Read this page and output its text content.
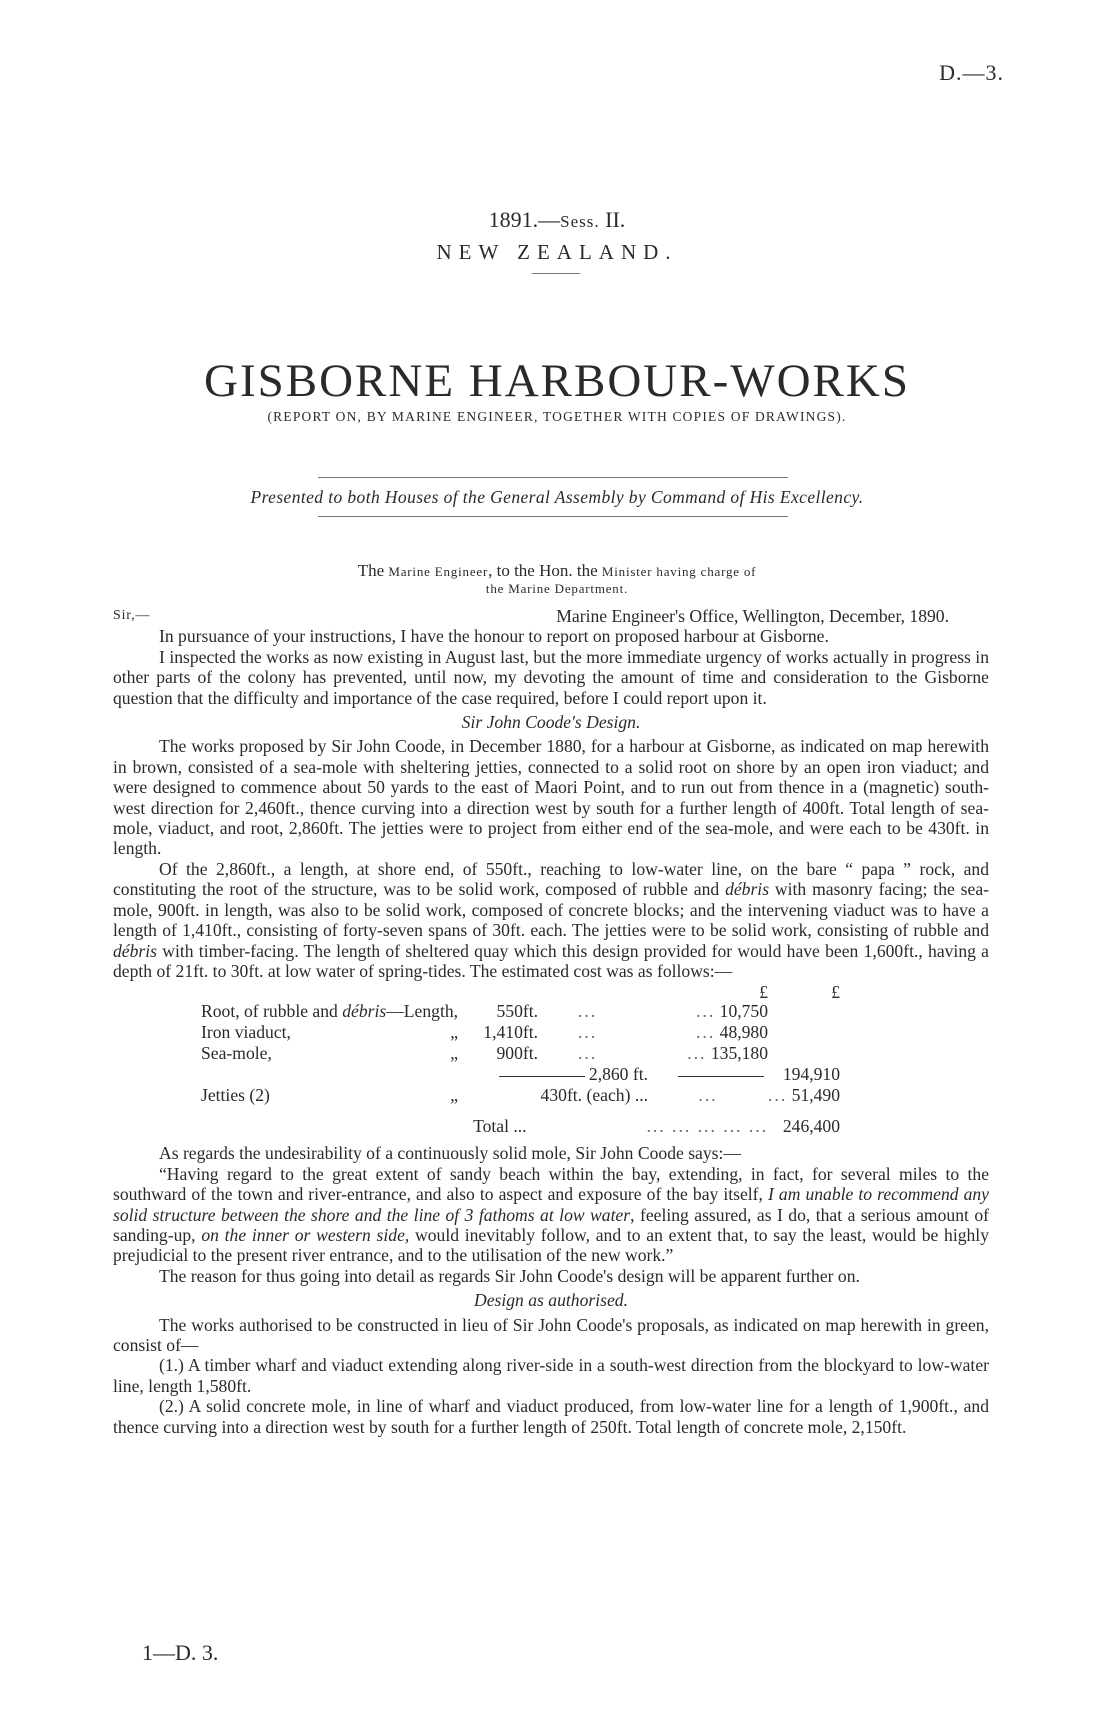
D.—3.
1891.—Sess. II.
NEW ZEALAND.
GISBORNE HARBOUR-WORKS
(REPORT ON, BY MARINE ENGINEER, TOGETHER WITH COPIES OF DRAWINGS).
Presented to both Houses of the General Assembly by Command of His Excellency.
The Marine Engineer, to the Hon. the Minister having charge of
the Marine Department.
Sir,—	Marine Engineer's Office, Wellington, December, 1890.

In pursuance of your instructions, I have the honour to report on proposed harbour at Gisborne.

I inspected the works as now existing in August last, but the more immediate urgency of works actually in progress in other parts of the colony has prevented, until now, my devoting the amount of time and consideration to the Gisborne question that the difficulty and importance of the case required, before I could report upon it.

Sir John Coode's Design.

The works proposed by Sir John Coode, in December 1880, for a harbour at Gisborne, as indicated on map herewith in brown, consisted of a sea-mole with sheltering jetties, connected to a solid root on shore by an open iron viaduct; and were designed to commence about 50 yards to the east of Maori Point, and to run out from thence in a (magnetic) south-west direction for 2,460ft., thence curving into a direction west by south for a further length of 400ft. Total length of sea-mole, viaduct, and root, 2,860ft. The jetties were to project from either end of the sea-mole, and were each to be 430ft. in length.

Of the 2,860ft., a length, at shore end, of 550ft., reaching to low-water line, on the bare “ papa ” rock, and constituting the root of the structure, was to be solid work, composed of rubble and débris with masonry facing; the sea-mole, 900ft. in length, was also to be solid work, composed of concrete blocks; and the intervening viaduct was to have a length of 1,410ft., consisting of forty-seven spans of 30ft. each. The jetties were to be solid work, consisting of rubble and débris with timber-facing. The length of sheltered quay which this design provided for would have been 1,600ft., having a depth of 21ft. to 30ft. at low water of spring-tides. The estimated cost was as follows:—

				£	£
Root, of rubble and débris—Length,		550ft.	...	... 10,750	
Iron viaduct,	„	1,410ft.	...	... 48,980	
Sea-mole,	„	900ft.	...	... 135,180	
		2,860 ft.			194,910
Jetties (2)	„	430ft. (each) ...		...	... 51,490
	Total ...		... ... ... ... ...		246,400

As regards the undesirability of a continuously solid mole, Sir John Coode says:—

“Having regard to the great extent of sandy beach within the bay, extending, in fact, for several miles to the southward of the town and river-entrance, and also to aspect and exposure of the bay itself, I am unable to recommend any solid structure between the shore and the line of 3 fathoms at low water, feeling assured, as I do, that a serious amount of sanding-up, on the inner or western side, would inevitably follow, and to an extent that, to say the least, would be highly prejudicial to the present river entrance, and to the utilisation of the new work.”

The reason for thus going into detail as regards Sir John Coode's design will be apparent further on.

Design as authorised.

The works authorised to be constructed in lieu of Sir John Coode's proposals, as indicated on map herewith in green, consist of—

(1.) A timber wharf and viaduct extending along river-side in a south-west direction from the blockyard to low-water line, length 1,580ft.

(2.) A solid concrete mole, in line of wharf and viaduct produced, from low-water line for a length of 1,900ft., and thence curving into a direction west by south for a further length of 250ft. Total length of concrete mole, 2,150ft.

1—D. 3.
